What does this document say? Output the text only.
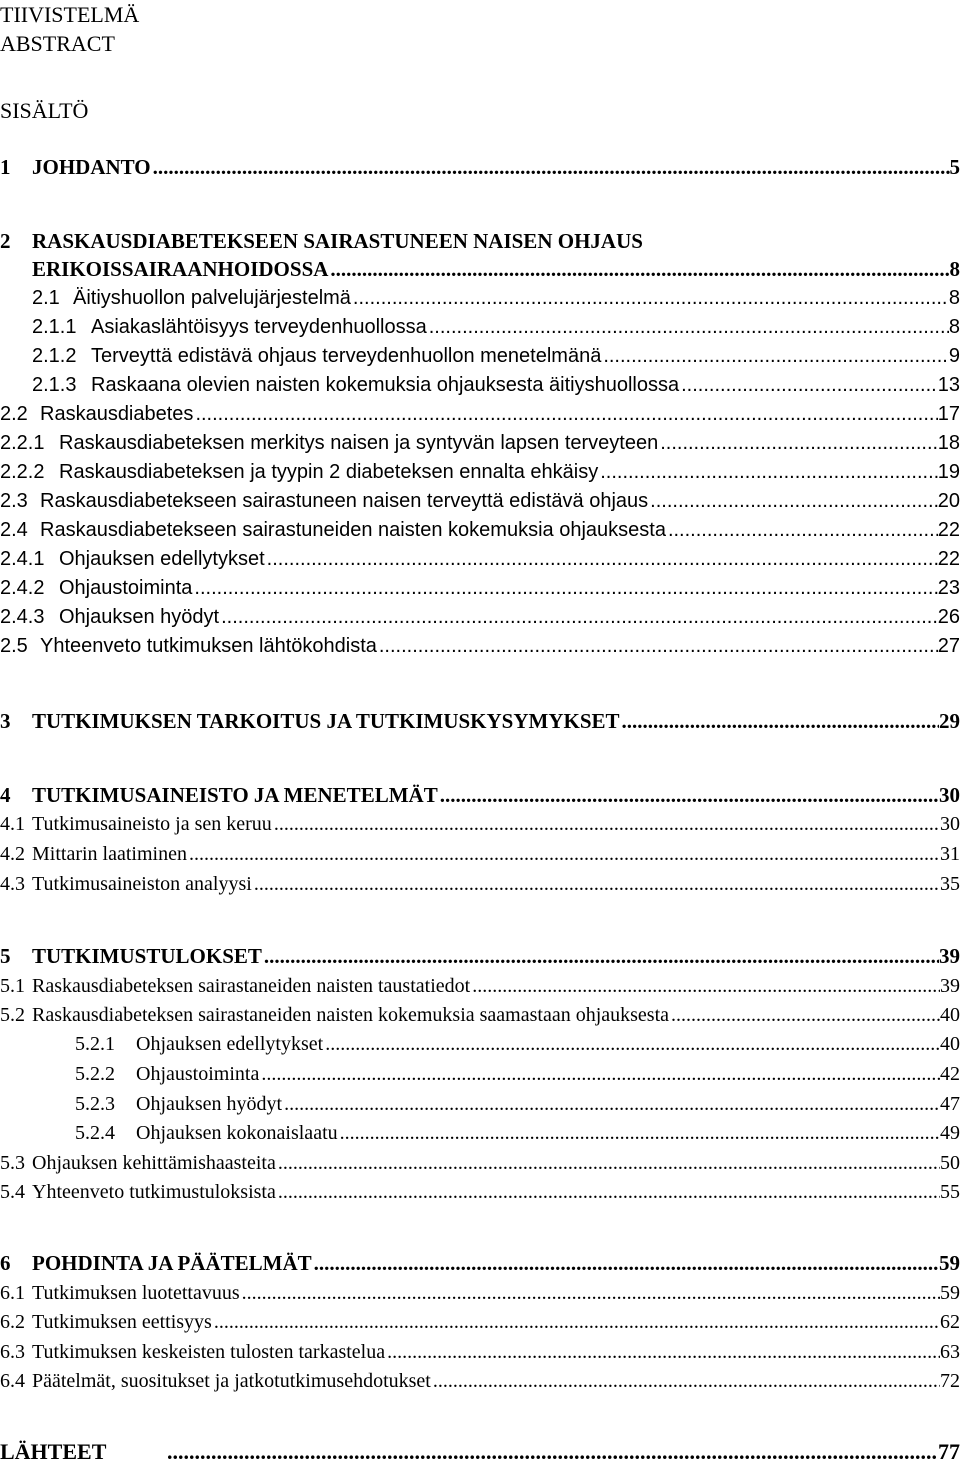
TIIVISTELMÄ
ABSTRACT
SISÄLTÖ
1 JOHDANTO .....	5
2 RASKAUSDIABETEKSEEN SAIRASTUNEEN NAISEN OHJAUS
ERIKOISSAIRAANHOIDOSSA .....	8
2.1 Äitiyshuollon palvelujärjestelmä .....	8
2.1.1 Asiakaslähtöisyys terveydenhuollossa .....	8
2.1.2 Terveyttä edistävä ohjaus terveydenhuollon menetelmänä .....	9
2.1.3 Raskaana olevien naisten kokemuksia ohjauksesta äitiyshuollossa .....	13
2.2 Raskausdiabetes .....	17
2.2.1 Raskausdiabeteksen merkitys naisen ja syntyvän lapsen terveyteen .....	18
2.2.2 Raskausdiabeteksen ja tyypin 2 diabeteksen ennalta ehkäisy .....	19
2.3 Raskausdiabetekseen sairastuneen naisen terveyttä edistävä ohjaus .....	20
2.4 Raskausdiabetekseen sairastuneiden naisten kokemuksia ohjauksesta .....	22
2.4.1 Ohjauksen edellytykset .....	22
2.4.2 Ohjaustoiminta .....	23
2.4.3 Ohjauksen hyödyt .....	26
2.5 Yhteenveto tutkimuksen lähtökohdista .....	27
3 TUTKIMUKSEN TARKOITUS JA TUTKIMUSKYSYMYKSET .....	29
4 TUTKIMUSAINEISTO JA MENETELMÄT .....	30
4.1 Tutkimusaineisto ja sen keruu .....	30
4.2 Mittarin laatiminen .....	31
4.3 Tutkimusaineiston analyysi .....	35
5 TUTKIMUSTULOKSET .....	39
5.1 Raskausdiabeteksen sairastaneiden naisten taustatiedot .....	39
5.2 Raskausdiabeteksen sairastaneiden naisten kokemuksia saamastaan ohjauksesta .....	40
5.2.1 Ohjauksen edellytykset .....	40
5.2.2 Ohjaustoiminta .....	42
5.2.3 Ohjauksen hyödyt .....	47
5.2.4 Ohjauksen kokonaislaatu .....	49
5.3 Ohjauksen kehittämishaasteita .....	50
5.4 Yhteenveto tutkimustuloksista .....	55
6 POHDINTA JA PÄÄTELMÄT .....	59
6.1 Tutkimuksen luotettavuus .....	59
6.2 Tutkimuksen eettisyys .....	62
6.3 Tutkimuksen keskeisten tulosten tarkastelua .....	63
6.4 Päätelmät, suositukset ja jatkotutkimusehdotukset .....	72
LÄHTEET .....	77
